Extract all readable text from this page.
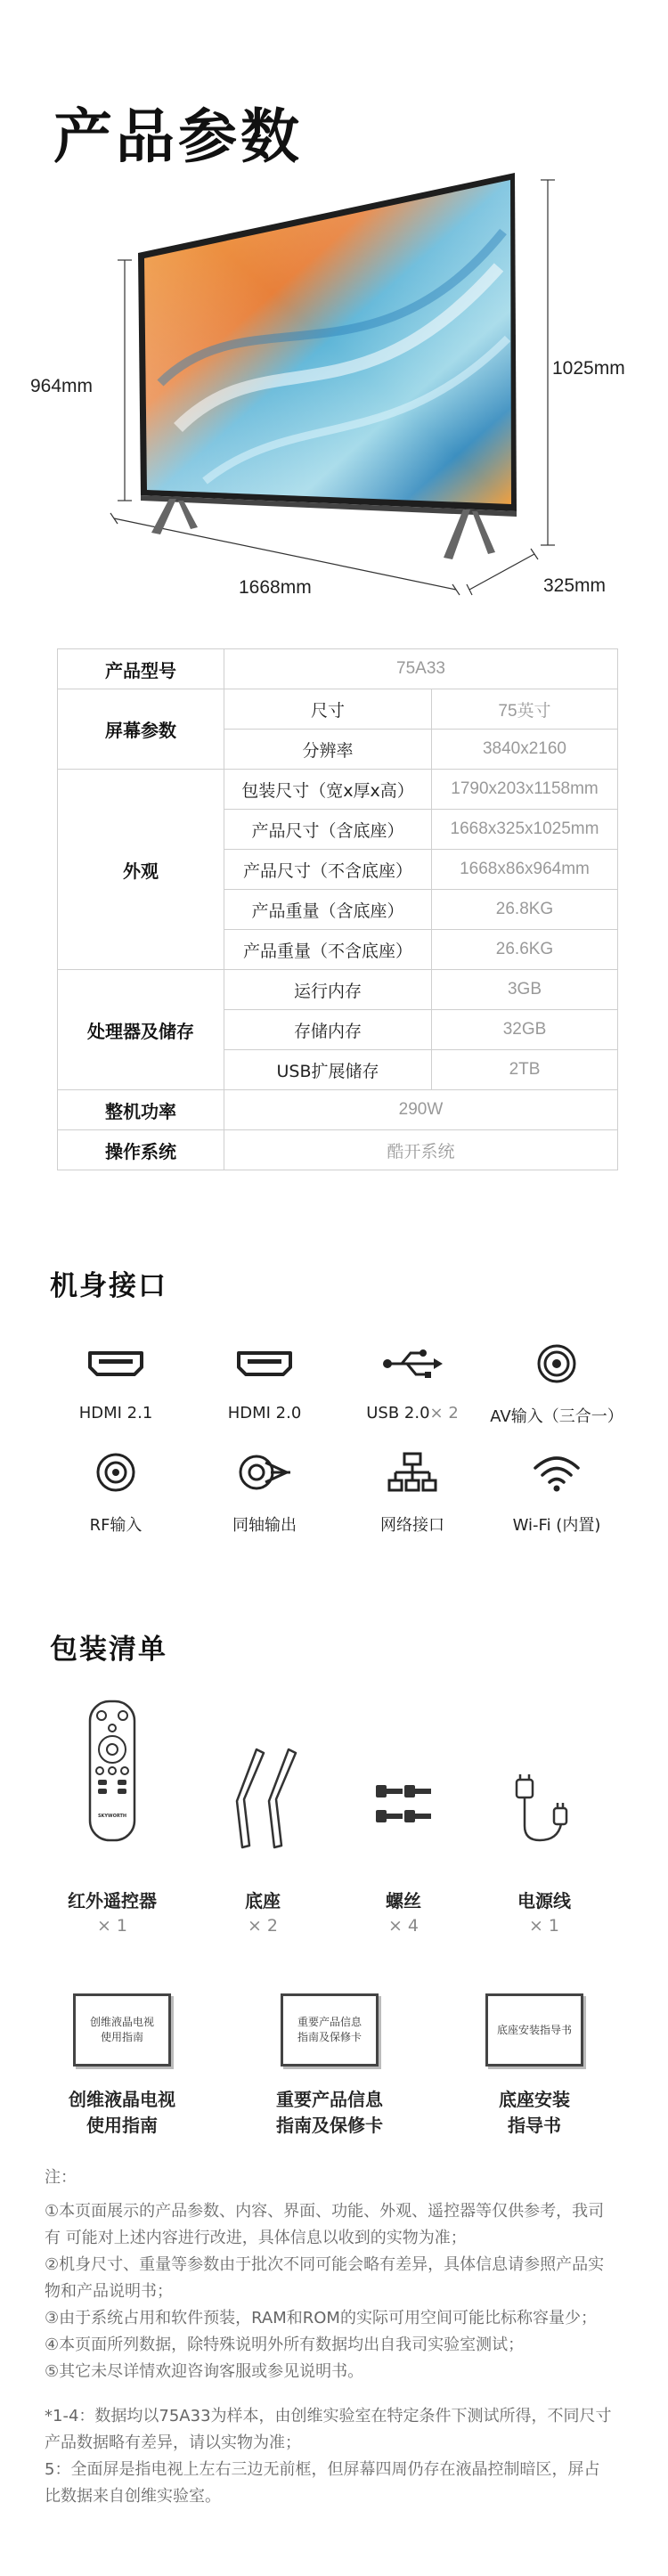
产品参数
964mm
1025mm
1668mm	325mm
产品型号	75A33	
屏幕参数	尺寸	75英寸
	分辨率	3840x2160
外观	包装尺寸（宽x厚x高）	1790x203x1158mm
	产品尺寸（含底座）	1668x325x1025mm
	产品尺寸（不含底座）	1668x86x964mm
	产品重量（含底座）	26.8KG
	产品重量（不含底座）	26.6KG
处理器及储存	运行内存	3GB
	存储内存	32GB
	USB扩展储存	2TB
整机功率	290W	
操作系统	酷开系统	
机身接口
HDMI 2.1	HDMI 2.0	USB 2.0× 2	AV输入（三合一）
RF输入	同轴输出	网络接口	Wi-Fi (内置)
包装清单
SKYWORTH
红外遥控器
× 1
底座
× 2
螺丝
× 4
电源线
× 1
创维液晶电视
使用指南
创维液晶电视
使用指南
重要产品信息
指南及保修卡
重要产品信息
指南及保修卡
底座安装指导书
底座安装
指导书

注：

①本页面展示的产品参数、内容、界面、功能、外观、遥控器等仅供参考，我司有 可能对上述内容进行改进，具体信息以收到的实物为准；

②机身尺寸、重量等参数由于批次不同可能会略有差异，具体信息请参照产品实物和产品说明书；

③由于系统占用和软件预装，RAM和ROM的实际可用空间可能比标称容量少；

④本页面所列数据，除特殊说明外所有数据均出自我司实验室测试；

⑤其它未尽详情欢迎咨询客服或参见说明书。

*1-4：数据均以75A33为样本，由创维实验室在特定条件下测试所得，不同尺寸产品数据略有差异，请以实物为准；

5：全面屏是指电视上左右三边无前框，但屏幕四周仍存在液晶控制暗区，屏占比数据来自创维实验室。
